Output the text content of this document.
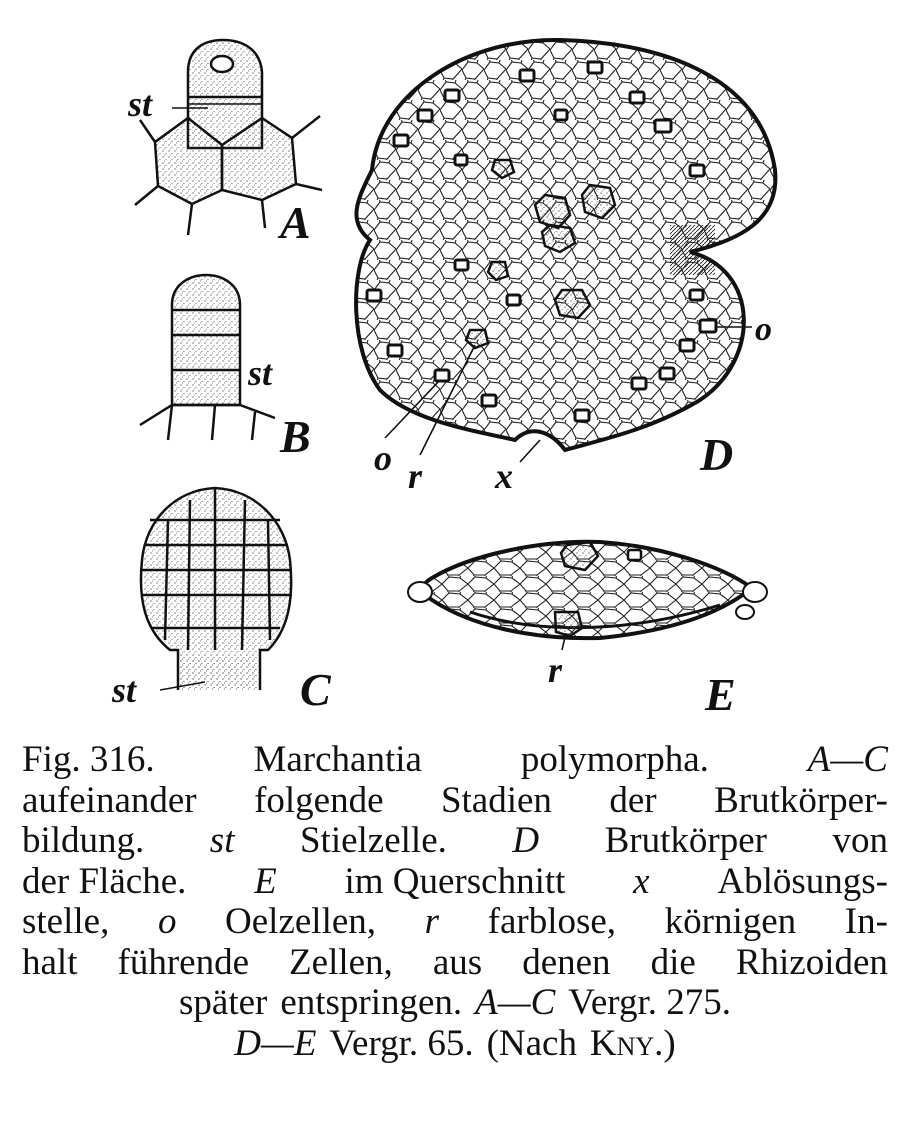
A
st
st
B
st	C
o
o r x	D
r	E
Fig. 316.	Marchantia	polymorpha.	A—C
aufeinander folgende Stadien der Brutkörper-
bildung. st Stielzelle. D Brutkörper von
der Fläche. E im Querschnitt x Ablösungs-
stelle, o Oelzellen, r farblose, körnigen In-
halt führende Zellen, aus denen die Rhizoiden
später entspringen. A—C Vergr. 275.
D—E Vergr. 65. (Nach Kny.)
